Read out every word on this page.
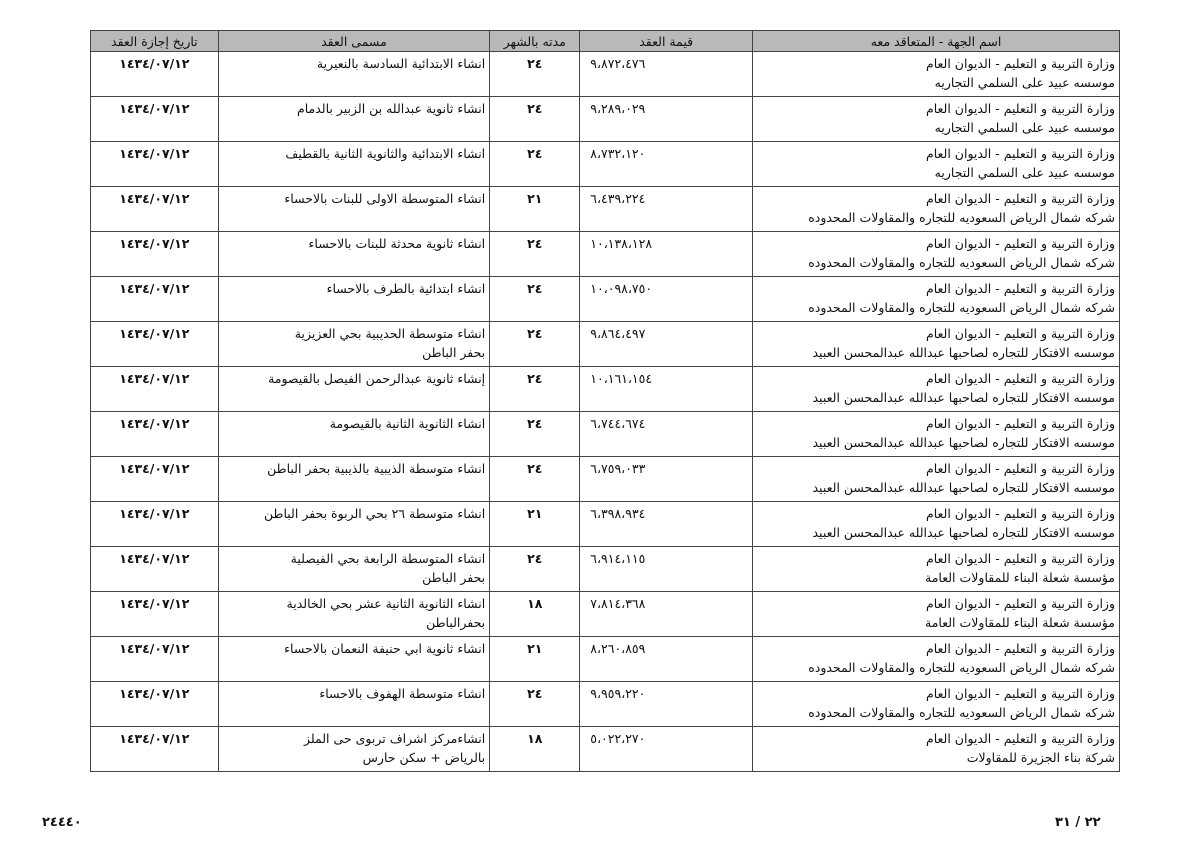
اسم الجهة - المتعاقد معه	قيمة العقد	مدته بالشهر	مسمى العقد	تاريخ إجازة العقد

وزارة التربية و التعليم - الديوان العام
موسسه عبيد على السلمي التجاريه	٩،٨٧٢،٤٧٦	٢٤	انشاء الابتدائية السادسة بالنعيرية	١٤٣٤/٠٧/١٢

وزارة التربية و التعليم - الديوان العام
موسسه عبيد على السلمي التجاريه	٩،٢٨٩،٠٢٩	٢٤	انشاء ثانوية عبدالله بن الزبير بالدمام	١٤٣٤/٠٧/١٢

وزارة التربية و التعليم - الديوان العام
موسسه عبيد على السلمي التجاريه	٨،٧٣٢،١٢٠	٢٤	انشاء الابتدائية والثانوية الثانية بالقطيف	١٤٣٤/٠٧/١٢

وزارة التربية و التعليم - الديوان العام
شركه شمال الرياض السعوديه للتجاره والمقاولات المحدوده	٦،٤٣٩،٢٢٤	٢١	انشاء المتوسطة الاولى للبنات بالاحساء	١٤٣٤/٠٧/١٢

وزارة التربية و التعليم - الديوان العام
شركه شمال الرياض السعوديه للتجاره والمقاولات المحدوده	١٠،١٣٨،١٢٨	٢٤	انشاء ثانوية محدثة للبنات بالاحساء	١٤٣٤/٠٧/١٢

وزارة التربية و التعليم - الديوان العام
شركه شمال الرياض السعوديه للتجاره والمقاولات المحدوده	١٠،٠٩٨،٧٥٠	٢٤	انشاء ابتدائية بالطرف بالاحساء	١٤٣٤/٠٧/١٢

وزارة التربية و التعليم - الديوان العام
موسسه الافتكار للتجاره لصاحبها عبدالله عبدالمحسن العبيد	٩،٨٦٤،٤٩٧	٢٤	انشاء متوسطة الحديبية بحي العزيزية
بحفر الباطن	١٤٣٤/٠٧/١٢

وزارة التربية و التعليم - الديوان العام
موسسه الافتكار للتجاره لصاحبها عبدالله عبدالمحسن العبيد	١٠،١٦١،١٥٤	٢٤	إنشاء ثانوية عبدالرحمن الفيصل بالقيصومة	١٤٣٤/٠٧/١٢

وزارة التربية و التعليم - الديوان العام
موسسه الافتكار للتجاره لصاحبها عبدالله عبدالمحسن العبيد	٦،٧٤٤،٦٧٤	٢٤	انشاء الثانوية الثانية بالقيصومة	١٤٣٤/٠٧/١٢

وزارة التربية و التعليم - الديوان العام
موسسه الافتكار للتجاره لصاحبها عبدالله عبدالمحسن العبيد	٦،٧٥٩،٠٣٣	٢٤	انشاء متوسطة الذيبية بالذيبية بحفر الباطن	١٤٣٤/٠٧/١٢

وزارة التربية و التعليم - الديوان العام
موسسه الافتكار للتجاره لصاحبها عبدالله عبدالمحسن العبيد	٦،٣٩٨،٩٣٤	٢١	انشاء متوسطة ٢٦ بحي الربوة بحفر الباطن	١٤٣٤/٠٧/١٢

وزارة التربية و التعليم - الديوان العام
مؤسسة شعلة البناء للمقاولات العامة	٦،٩١٤،١١٥	٢٤	انشاء المتوسطة الرابعة بحي الفيصلية
بحفر الباطن	١٤٣٤/٠٧/١٢

وزارة التربية و التعليم - الديوان العام
مؤسسة شعلة البناء للمقاولات العامة	٧،٨١٤،٣٦٨	١٨	انشاء الثانوية الثانية عشر بحي الخالدية
بحفرالباطن	١٤٣٤/٠٧/١٢

وزارة التربية و التعليم - الديوان العام
شركه شمال الرياض السعوديه للتجاره والمقاولات المحدوده	٨،٢٦٠،٨٥٩	٢١	انشاء ثانوية ابي حنيفة النعمان بالاحساء	١٤٣٤/٠٧/١٢

وزارة التربية و التعليم - الديوان العام
شركه شمال الرياض السعوديه للتجاره والمقاولات المحدوده	٩،٩٥٩،٢٢٠	٢٤	انشاء متوسطة الهفوف بالاحساء	١٤٣٤/٠٧/١٢

وزارة التربية و التعليم - الديوان العام
شركة بناء الجزيرة للمقاولات	٥،٠٢٢،٢٧٠	١٨	انشاءمركز اشراف تربوى حى الملز
بالرياض + سكن حارس	١٤٣٤/٠٧/١٢
٢٤٤٤٠	٢٢ / ٣١
